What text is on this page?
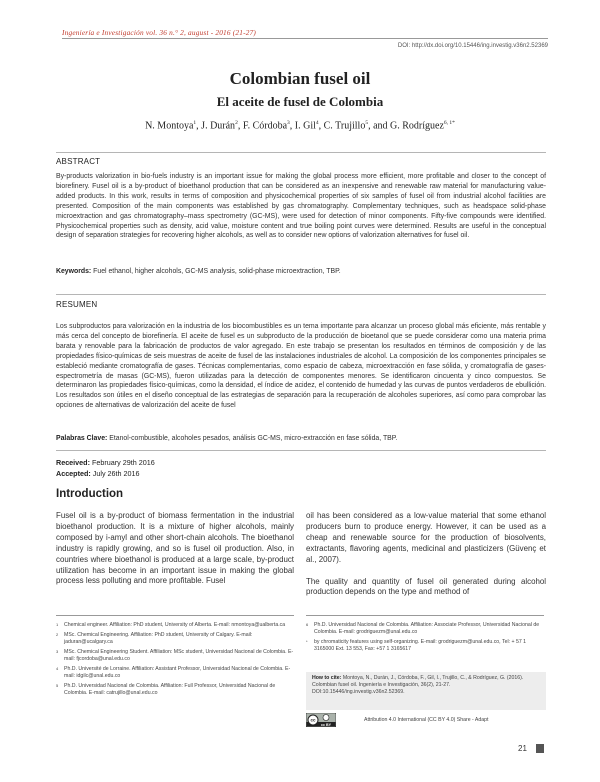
Ingeniería e Investigación vol. 36 n.° 2, august - 2016 (21-27)
DOI: http://dx.doi.org/10.15446/ing.investig.v36n2.52369
Colombian fusel oil
El aceite de fusel de Colombia
N. Montoya$^1$, J. Durán$^2$, F. Córdoba$^3$, I. Gil$^4$, C. Trujillo$^5$, and G. Rodríguez$^{6, 1*}$
ABSTRACT
By-products valorization in bio-fuels industry is an important issue for making the global process more efficient, more profitable and closer to the concept of biorefinery. Fusel oil is a by-product of bioethanol production that can be considered as an inexpensive and renewable raw material for manufacturing value-added products. In this work, results in terms of composition and physicochemical properties of six samples of fusel oil from industrial alcohol facilities are presented. Composition of the main components was established by gas chromatography. Complementary techniques, such as headspace solid-phase microextraction and gas chromatography–mass spectrometry (GC-MS), were used for detection of minor components. Fifty-five compounds were identified. Physicochemical properties such as density, acid value, moisture content and true boiling point curves were determined. Results are useful in the conceptual design of separation strategies for recovering higher alcohols, as well as to consider new options of valorization alternatives for fusel oil.
Keywords: Fuel ethanol, higher alcohols, GC-MS analysis, solid-phase microextraction, TBP.
RESUMEN
Los subproductos para valorización en la industria de los biocombustibles es un tema importante para alcanzar un proceso global más eficiente, más rentable y más cerca del concepto de biorefinería. El aceite de fusel es un subproducto de la producción de bioetanol que se puede considerar como una materia prima barata y renovable para la fabricación de productos de valor agregado. En este trabajo se presentan los resultados en términos de composición y de las propiedades físico-químicas de seis muestras de aceite de fusel de las instalaciones industriales de alcohol. La composición de los componentes principales se estableció mediante cromatografía de gases. Técnicas complementarias, como espacio de cabeza, microextracción en fase sólida, y cromatografía de gases-espectrometría de masas (GC-MS), fueron utilizadas para la detección de componentes menores. Se identificaron cincuenta y cinco compuestos. Se determinaron las propiedades físico-químicas, como la densidad, el índice de acidez, el contenido de humedad y las curvas de puntos verdaderos de ebullición. Los resultados son útiles en el diseño conceptual de las estrategias de separación para la recuperación de alcoholes superiores, así como para comprobar las opciones de alternativas de valorización del aceite de fusel
Palabras Clave: Etanol-combustible, alcoholes pesados, análisis GC-MS, micro-extracción en fase sólida, TBP.
Received: February 29th 2016
Accepted: July 26th 2016
Introduction
Fusel oil is a by-product of biomass fermentation in the industrial bioethanol production. It is a mixture of higher alcohols, mainly composed by i-amyl and other short-chain alcohols. The bioethanol industry is rapidly growing, and so is fusel oil production. Also, in countries where bioethanol is produced at a large scale, by-product utilization has become in an important issue in making the global process less polluting and more profitable. Fusel

oil has been considered as a low-value material that some ethanol producers burn to produce energy. However, it can be used as a cheap and renewable source for the production of biosolvents, extractants, flavoring agents, medicinal and plasticizers (Güvenç et al., 2007).

The quality and quantity of fusel oil generated during alcohol production depends on the type and method of

1 Chemical engineer. Affiliation: PhD student, University of Alberta. E-mail: nmontoya@ualberta.ca
2 MSc. Chemical Engineering. Affiliation: PhD student, University of Calgary. E-mail: jaduran@ucalgary.ca
3 MSc. Chemical Engineering Student. Affiliation: MSc student, Universidad Nacional de Colombia. E-mail: fjcordoba@unal.edu.co
4 Ph.D. Université de Lorraine. Affiliation: Assistant Professor, Universidad Nacional de Colombia. E-mail: idgilc@unal.edu.co
5 Ph.D. Universidad Nacional de Colombia. Affiliation: Full Professor, Universidad Nacional de Colombia. E-mail: catrujillo@unal.edu.co
6 Ph.D. Universidad Nacional de Colombia. Affiliation: Associate Professor, Universidad Nacional de Colombia. E-mail: grodriguezm@unal.edu.co
* by chromaticity features using self-organizing. E-mail: grodriguezm@unal.edu.co, Tel: + 57 1 3165000 Ext. 13 553, Fax: +57 1 3165617
How to cite: Montoya, N., Durán, J., Córdoba, F., Gil, I., Trujillo, C., & Rodríguez, G. (2016). Colombian fusel oil. Ingeniería e Investigación, 36(2), 21-27. DOI:10.15446/ing.investig.v36n2.52369.
cc
cc BY
Attribution 4.0 International (CC BY 4.0) Share - Adapt
21
